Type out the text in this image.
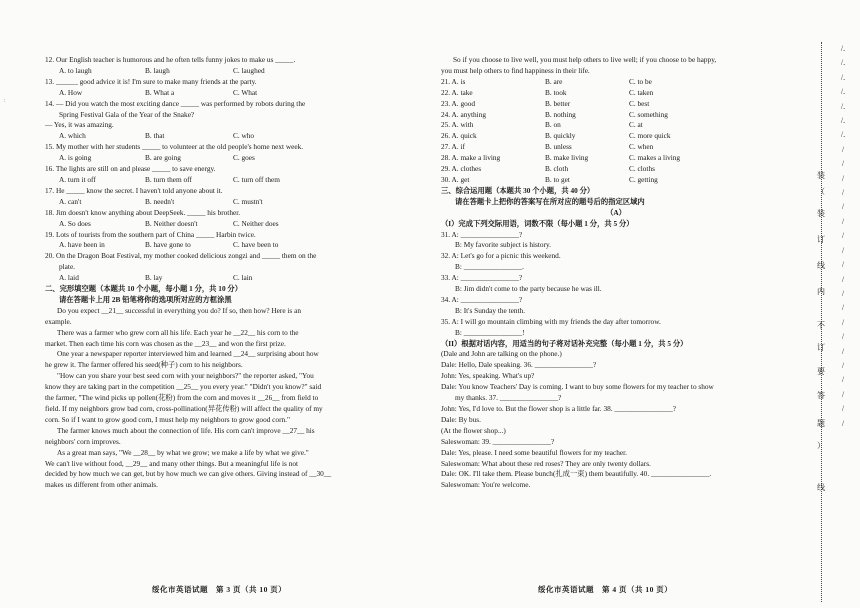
12. Our English teacher is humorous and he often tells funny jokes to make us _____.
A. to laugh	B. laugh	C. laughed
13. ______ good advice it is! I'm sure to make many friends at the party.
A. How	B. What a	C. What
14. — Did you watch the most exciting dance _____ was performed by robots during the
Spring Festival Gala of the Year of the Snake?
— Yes, it was amazing.
A. which	B. that	C. who
15. My mother with her students _____ to volunteer at the old people's home next week.
A. is going	B. are going	C. goes
16. The lights are still on and please _____ to save energy.
A. turn it off	B. turn them off	C. turn off them
17. He _____ know the secret. I haven't told anyone about it.
A. can't	B. needn't	C. mustn't
18. Jim doesn't know anything about DeepSeek. _____ his brother.
A. So does	B. Neither doesn't	C. Neither does
19. Lots of tourists from the southern part of China _____ Harbin twice.
A. have been in	B. have gone to	C. have been to
20. On the Dragon Boat Festival, my mother cooked delicious zongzi and _____ them on the
plate.
A. laid	B. lay	C. lain
二、完形填空题（本题共 10 个小题，每小题 1 分，共 10 分）
请在答题卡上用 2B 铅笔将你的选项所对应的方框涂黑
Do you expect __21__ successful in everything you do? If so, then how? Here is an
example.
There was a farmer who grew corn all his life. Each year he __22__ his corn to the
market. Then each time his corn was chosen as the __23__ and won the first prize.
One year a newspaper reporter interviewed him and learned __24__ surprising about how
he grew it. The farmer offered his seed(种子) corn to his neighbors.
"How can you share your best seed corn with your neighbors?" the reporter asked, "You
know they are taking part in the competition __25__ you every year." "Didn't you know?" said
the farmer, "The wind picks up pollen(花粉) from the corn and moves it __26__ from field to
field. If my neighbors grow bad corn, cross-pollination(异花传粉) will affect the quality of my
corn. So if I want to grow good corn, I must help my neighbors to grow good corn."
The farmer knows much about the connection of life. His corn can't improve __27__ his
neighbors' corn improves.
As a great man says, "We __28__ by what we grow; we make a life by what we give."
We can't live without food, __29__ and many other things. But a meaningful life is not
decided by how much we can get, but by how much we can give others. Giving instead of __30__
makes us different from other animals.
绥化市英语试题　第 3 页（共 10 页）
So if you choose to live well, you must help others to live well; if you choose to be happy,
you must help others to find happiness in their life.
21. A. is	B. are	C. to be
22. A. take	B. took	C. taken
23. A. good	B. better	C. best
24. A. anything	B. nothing	C. something
25. A. with	B. on	C. at
26. A. quick	B. quickly	C. more quick
27. A. if	B. unless	C. when
28. A. make a living	B. make living	C. makes a living
29. A. clothes	B. cloth	C. cloths
30. A. get	B. to get	C. getting
三、综合运用题（本题共 30 个小题，共 40 分）
请在答题卡上把你的答案写在所对应的题号后的指定区域内
（A）
（I）完成下列交际用语，词数不限（每小题 1 分，共 5 分）
31. A: ________________?
B: My favorite subject is history.
32. A: Let's go for a picnic this weekend.
B: ________________.
33. A: ________________?
B: Jim didn't come to the party because he was ill.
34. A: ________________?
B: It's Sunday the tenth.
35. A: I will go mountain climbing with my friends the day after tomorrow.
B: ________________!
（II）根据对话内容，用适当的句子将对话补充完整（每小题 1 分，共 5 分）
(Dale and John are talking on the phone.)
Dale: Hello, Dale speaking. 36. ________________?
John: Yes, speaking. What's up?
Dale: You know Teachers' Day is coming. I want to buy some flowers for my teacher to show
my thanks. 37. ________________?
John: Yes, I'd love to. But the flower shop is a little far. 38. ________________?
Dale: By bus.
(At the flower shop...)
Saleswoman: 39. ________________?
Dale: Yes, please. I need some beautiful flowers for my teacher.
Saleswoman: What about these red roses? They are only twenty dollars.
Dale: OK. I'll take them. Please bunch(扎成一束) them beautifully. 40. ________________.
Saleswoman: You're welcome.
绥化市英语试题　第 4 页（共 10 页）
:
/.
/.
/.
/.
/.
/.
/.
/
/
/
/
/
/
/
/
/
/
/
/
/
/
/
/
/
/
/
/
装
（
装
订
线
内
不
订
要
答
题
）
线
